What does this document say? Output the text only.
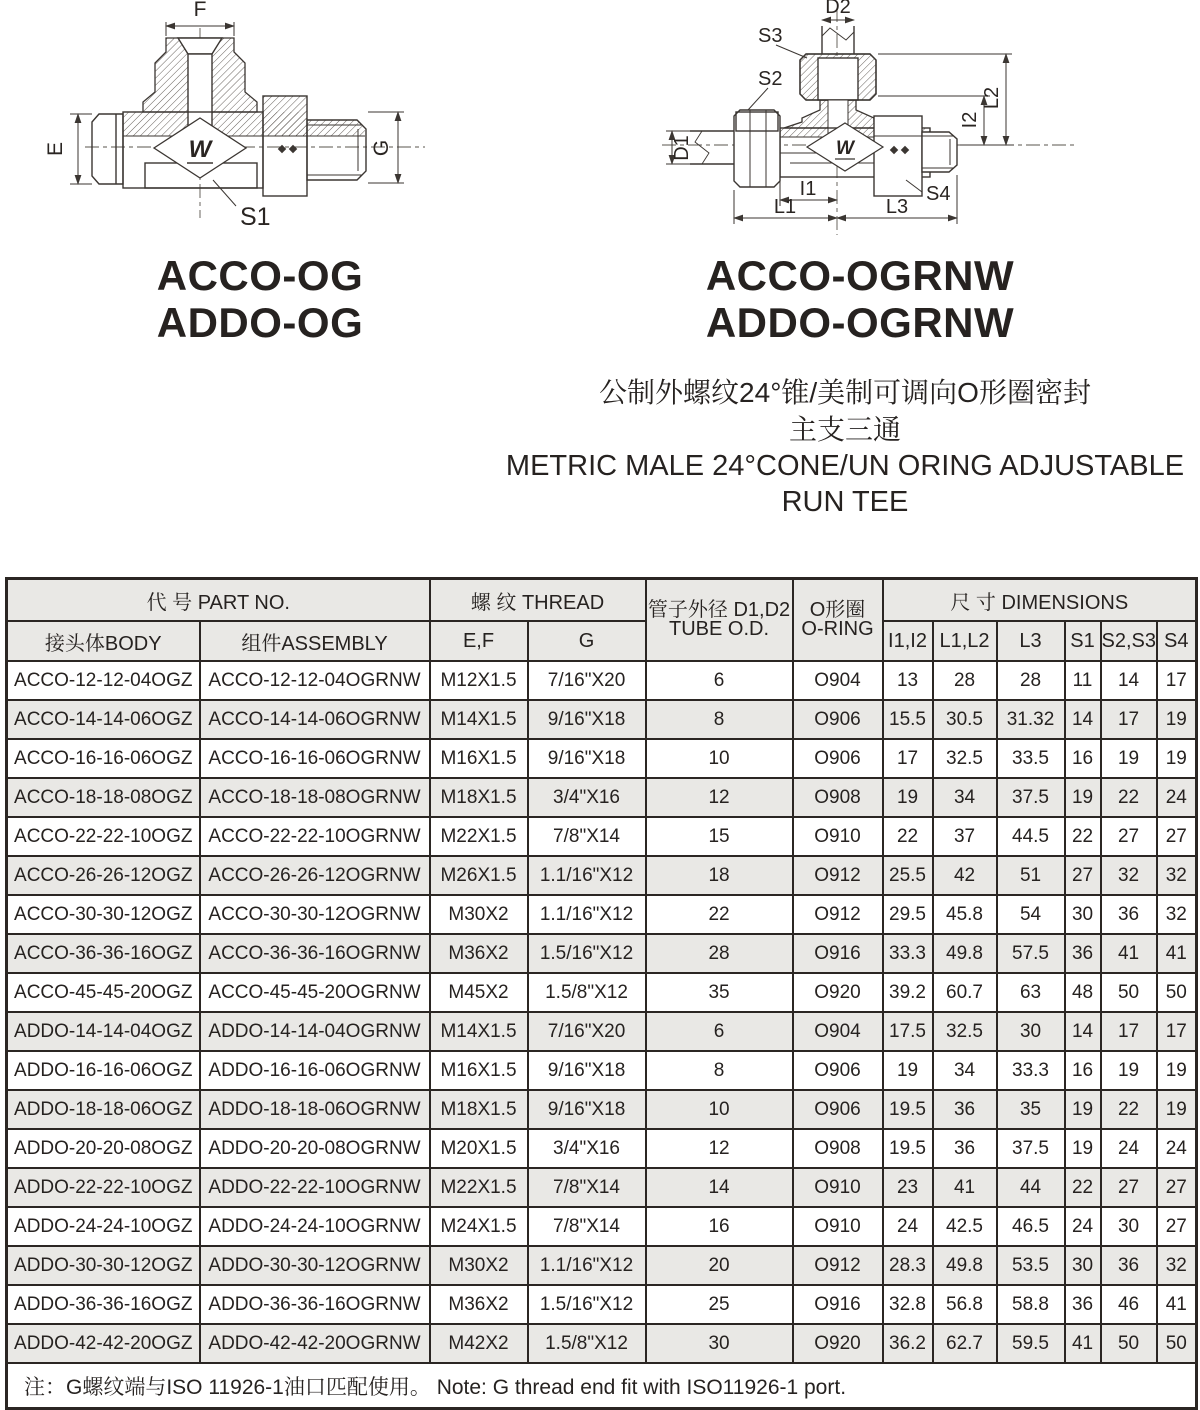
W
F
E	G
S1
W
D2
S3
S2
D1
I1
L1	L3
S4
I2
L2
ACCO-OG
ADDO-OG
ACCO-OGRNW
ADDO-OGRNW
公制外螺纹24°锥/美制可调向O形圈密封
主支三通
METRIC MALE 24°CONE/UN ORING ADJUSTABLE
RUN TEE
代 号 PART NO.	螺 纹 THREAD	管子外径 D1,D2
TUBE O.D.

O形圈
O-RING
	尺 寸 DIMENSIONS
接头体BODY	组件ASSEMBLY	E,F	G			I1,I2	L1,L2	L3	S1	S2,S3	S4
ACCO-12-12-04OGZ	ACCO-12-12-04OGRNW	M12X1.5	7/16"X20	6	O904	13	28	28	11	14	17
ACCO-14-14-06OGZ	ACCO-14-14-06OGRNW	M14X1.5	9/16"X18	8	O906	15.5	30.5	31.32	14	17	19
ACCO-16-16-06OGZ	ACCO-16-16-06OGRNW	M16X1.5	9/16"X18	10	O906	17	32.5	33.5	16	19	19
ACCO-18-18-08OGZ	ACCO-18-18-08OGRNW	M18X1.5	3/4"X16	12	O908	19	34	37.5	19	22	24
ACCO-22-22-10OGZ	ACCO-22-22-10OGRNW	M22X1.5	7/8"X14	15	O910	22	37	44.5	22	27	27
ACCO-26-26-12OGZ	ACCO-26-26-12OGRNW	M26X1.5	1.1/16"X12	18	O912	25.5	42	51	27	32	32
ACCO-30-30-12OGZ	ACCO-30-30-12OGRNW	M30X2	1.1/16"X12	22	O912	29.5	45.8	54	30	36	32
ACCO-36-36-16OGZ	ACCO-36-36-16OGRNW	M36X2	1.5/16"X12	28	O916	33.3	49.8	57.5	36	41	41
ACCO-45-45-20OGZ	ACCO-45-45-20OGRNW	M45X2	1.5/8"X12	35	O920	39.2	60.7	63	48	50	50
ADDO-14-14-04OGZ	ADDO-14-14-04OGRNW	M14X1.5	7/16"X20	6	O904	17.5	32.5	30	14	17	17
ADDO-16-16-06OGZ	ADDO-16-16-06OGRNW	M16X1.5	9/16"X18	8	O906	19	34	33.3	16	19	19
ADDO-18-18-06OGZ	ADDO-18-18-06OGRNW	M18X1.5	9/16"X18	10	O906	19.5	36	35	19	22	19
ADDO-20-20-08OGZ	ADDO-20-20-08OGRNW	M20X1.5	3/4"X16	12	O908	19.5	36	37.5	19	24	24
ADDO-22-22-10OGZ	ADDO-22-22-10OGRNW	M22X1.5	7/8"X14	14	O910	23	41	44	22	27	27
ADDO-24-24-10OGZ	ADDO-24-24-10OGRNW	M24X1.5	7/8"X14	16	O910	24	42.5	46.5	24	30	27
ADDO-30-30-12OGZ	ADDO-30-30-12OGRNW	M30X2	1.1/16"X12	20	O912	28.3	49.8	53.5	30	36	32
ADDO-36-36-16OGZ	ADDO-36-36-16OGRNW	M36X2	1.5/16"X12	25	O916	32.8	56.8	58.8	36	46	41
ADDO-42-42-20OGZ	ADDO-42-42-20OGRNW	M42X2	1.5/8"X12	30	O920	36.2	62.7	59.5	41	50	50
注：G螺纹端与ISO 11926-1油口匹配使用。 Note: G thread end fit with ISO11926-1 port.											
